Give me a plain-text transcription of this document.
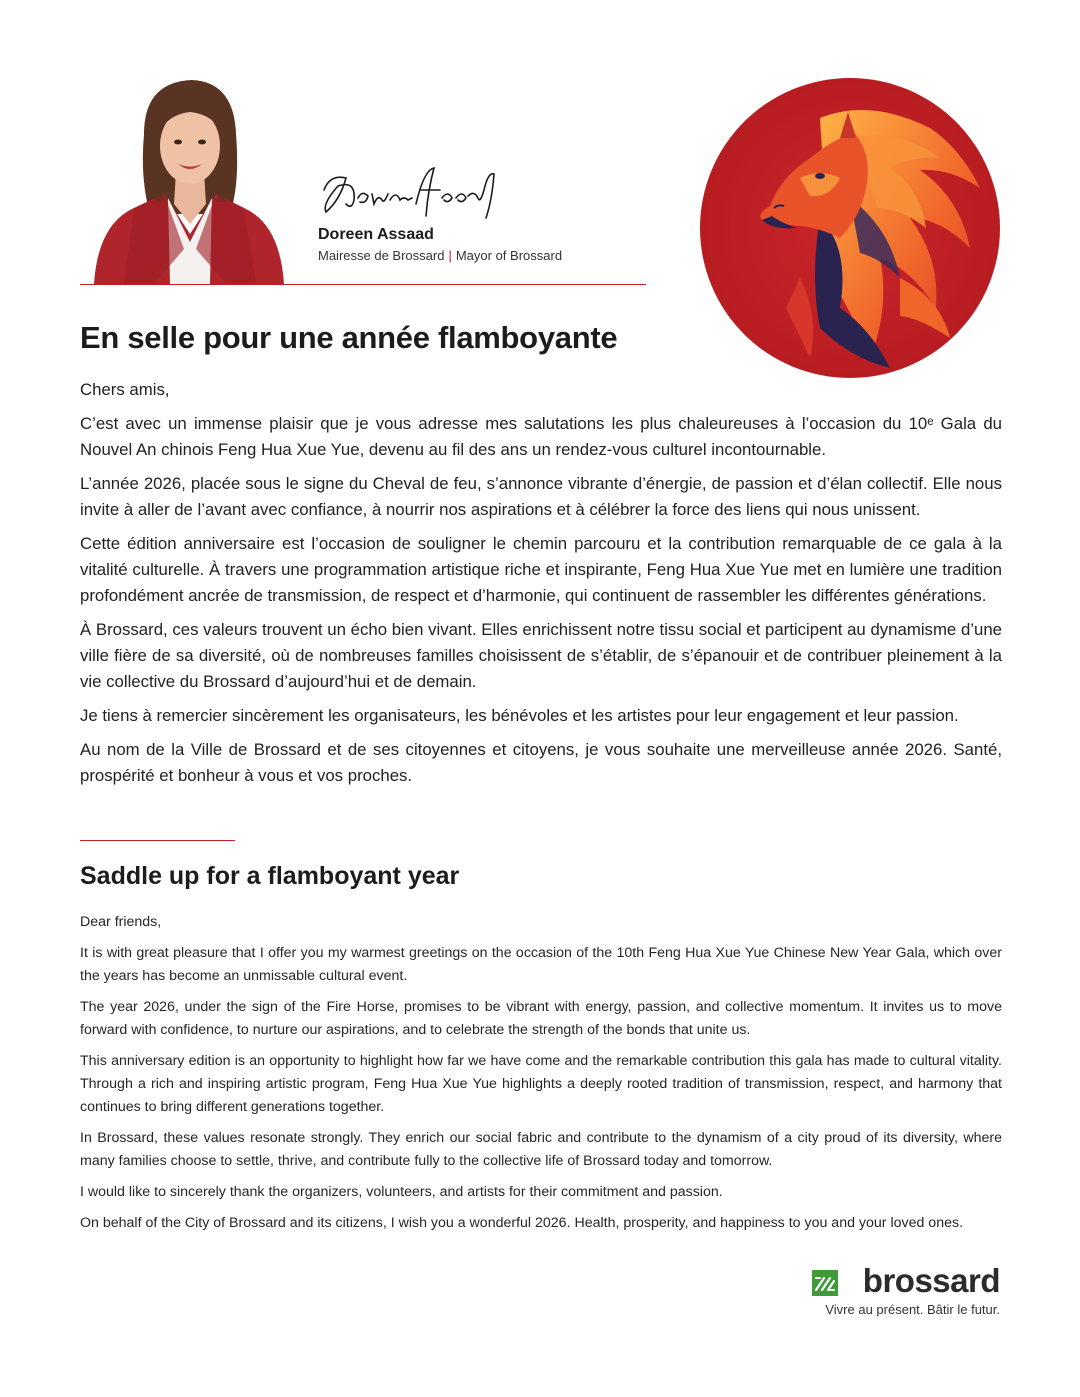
Doreen Assaad
Mairesse de Brossard | Mayor of Brossard
En selle pour une année flamboyante

Chers amis,

C’est avec un immense plaisir que je vous adresse mes salutations les plus chaleureuses à l’occasion du 10ᵉ Gala du Nouvel An chinois Feng Hua Xue Yue, devenu au fil des ans un rendez-vous culturel incontournable.

L’année 2026, placée sous le signe du Cheval de feu, s’annonce vibrante d’énergie, de passion et d’élan collectif. Elle nous invite à aller de l’avant avec confiance, à nourrir nos aspirations et à célébrer la force des liens qui nous unissent.

Cette édition anniversaire est l’occasion de souligner le chemin parcouru et la contribution remarquable de ce gala à la vitalité culturelle. À travers une programmation artistique riche et inspirante, Feng Hua Xue Yue met en lumière une tradition profondément ancrée de transmission, de respect et d’harmonie, qui continuent de rassembler les différentes générations.

À Brossard, ces valeurs trouvent un écho bien vivant. Elles enrichissent notre tissu social et participent au dynamisme d’une ville fière de sa diversité, où de nombreuses familles choisissent de s’établir, de s’épanouir et de contribuer pleinement à la vie collective du Brossard d’aujourd’hui et de demain.

Je tiens à remercier sincèrement les organisateurs, les bénévoles et les artistes pour leur engagement et leur passion.

Au nom de la Ville de Brossard et de ses citoyennes et citoyens, je vous souhaite une merveilleuse année 2026. Santé, prospérité et bonheur à vous et vos proches.

Saddle up for a flamboyant year

Dear friends,

It is with great pleasure that I offer you my warmest greetings on the occasion of the 10th Feng Hua Xue Yue Chinese New Year Gala, which over the years has become an unmissable cultural event.

The year 2026, under the sign of the Fire Horse, promises to be vibrant with energy, passion, and collective momentum. It invites us to move forward with confidence, to nurture our aspirations, and to celebrate the strength of the bonds that unite us.

This anniversary edition is an opportunity to highlight how far we have come and the remarkable contribution this gala has made to cultural vitality. Through a rich and inspiring artistic program, Feng Hua Xue Yue highlights a deeply rooted tradition of transmission, respect, and harmony that continues to bring different generations together.

In Brossard, these values resonate strongly. They enrich our social fabric and contribute to the dynamism of a city proud of its diversity, where many families choose to settle, thrive, and contribute fully to the collective life of Brossard today and tomorrow.

I would like to sincerely thank the organizers, volunteers, and artists for their commitment and passion.

On behalf of the City of Brossard and its citizens, I wish you a wonderful 2026. Health, prosperity, and happiness to you and your loved ones.

brossard
Vivre au présent. Bâtir le futur.
